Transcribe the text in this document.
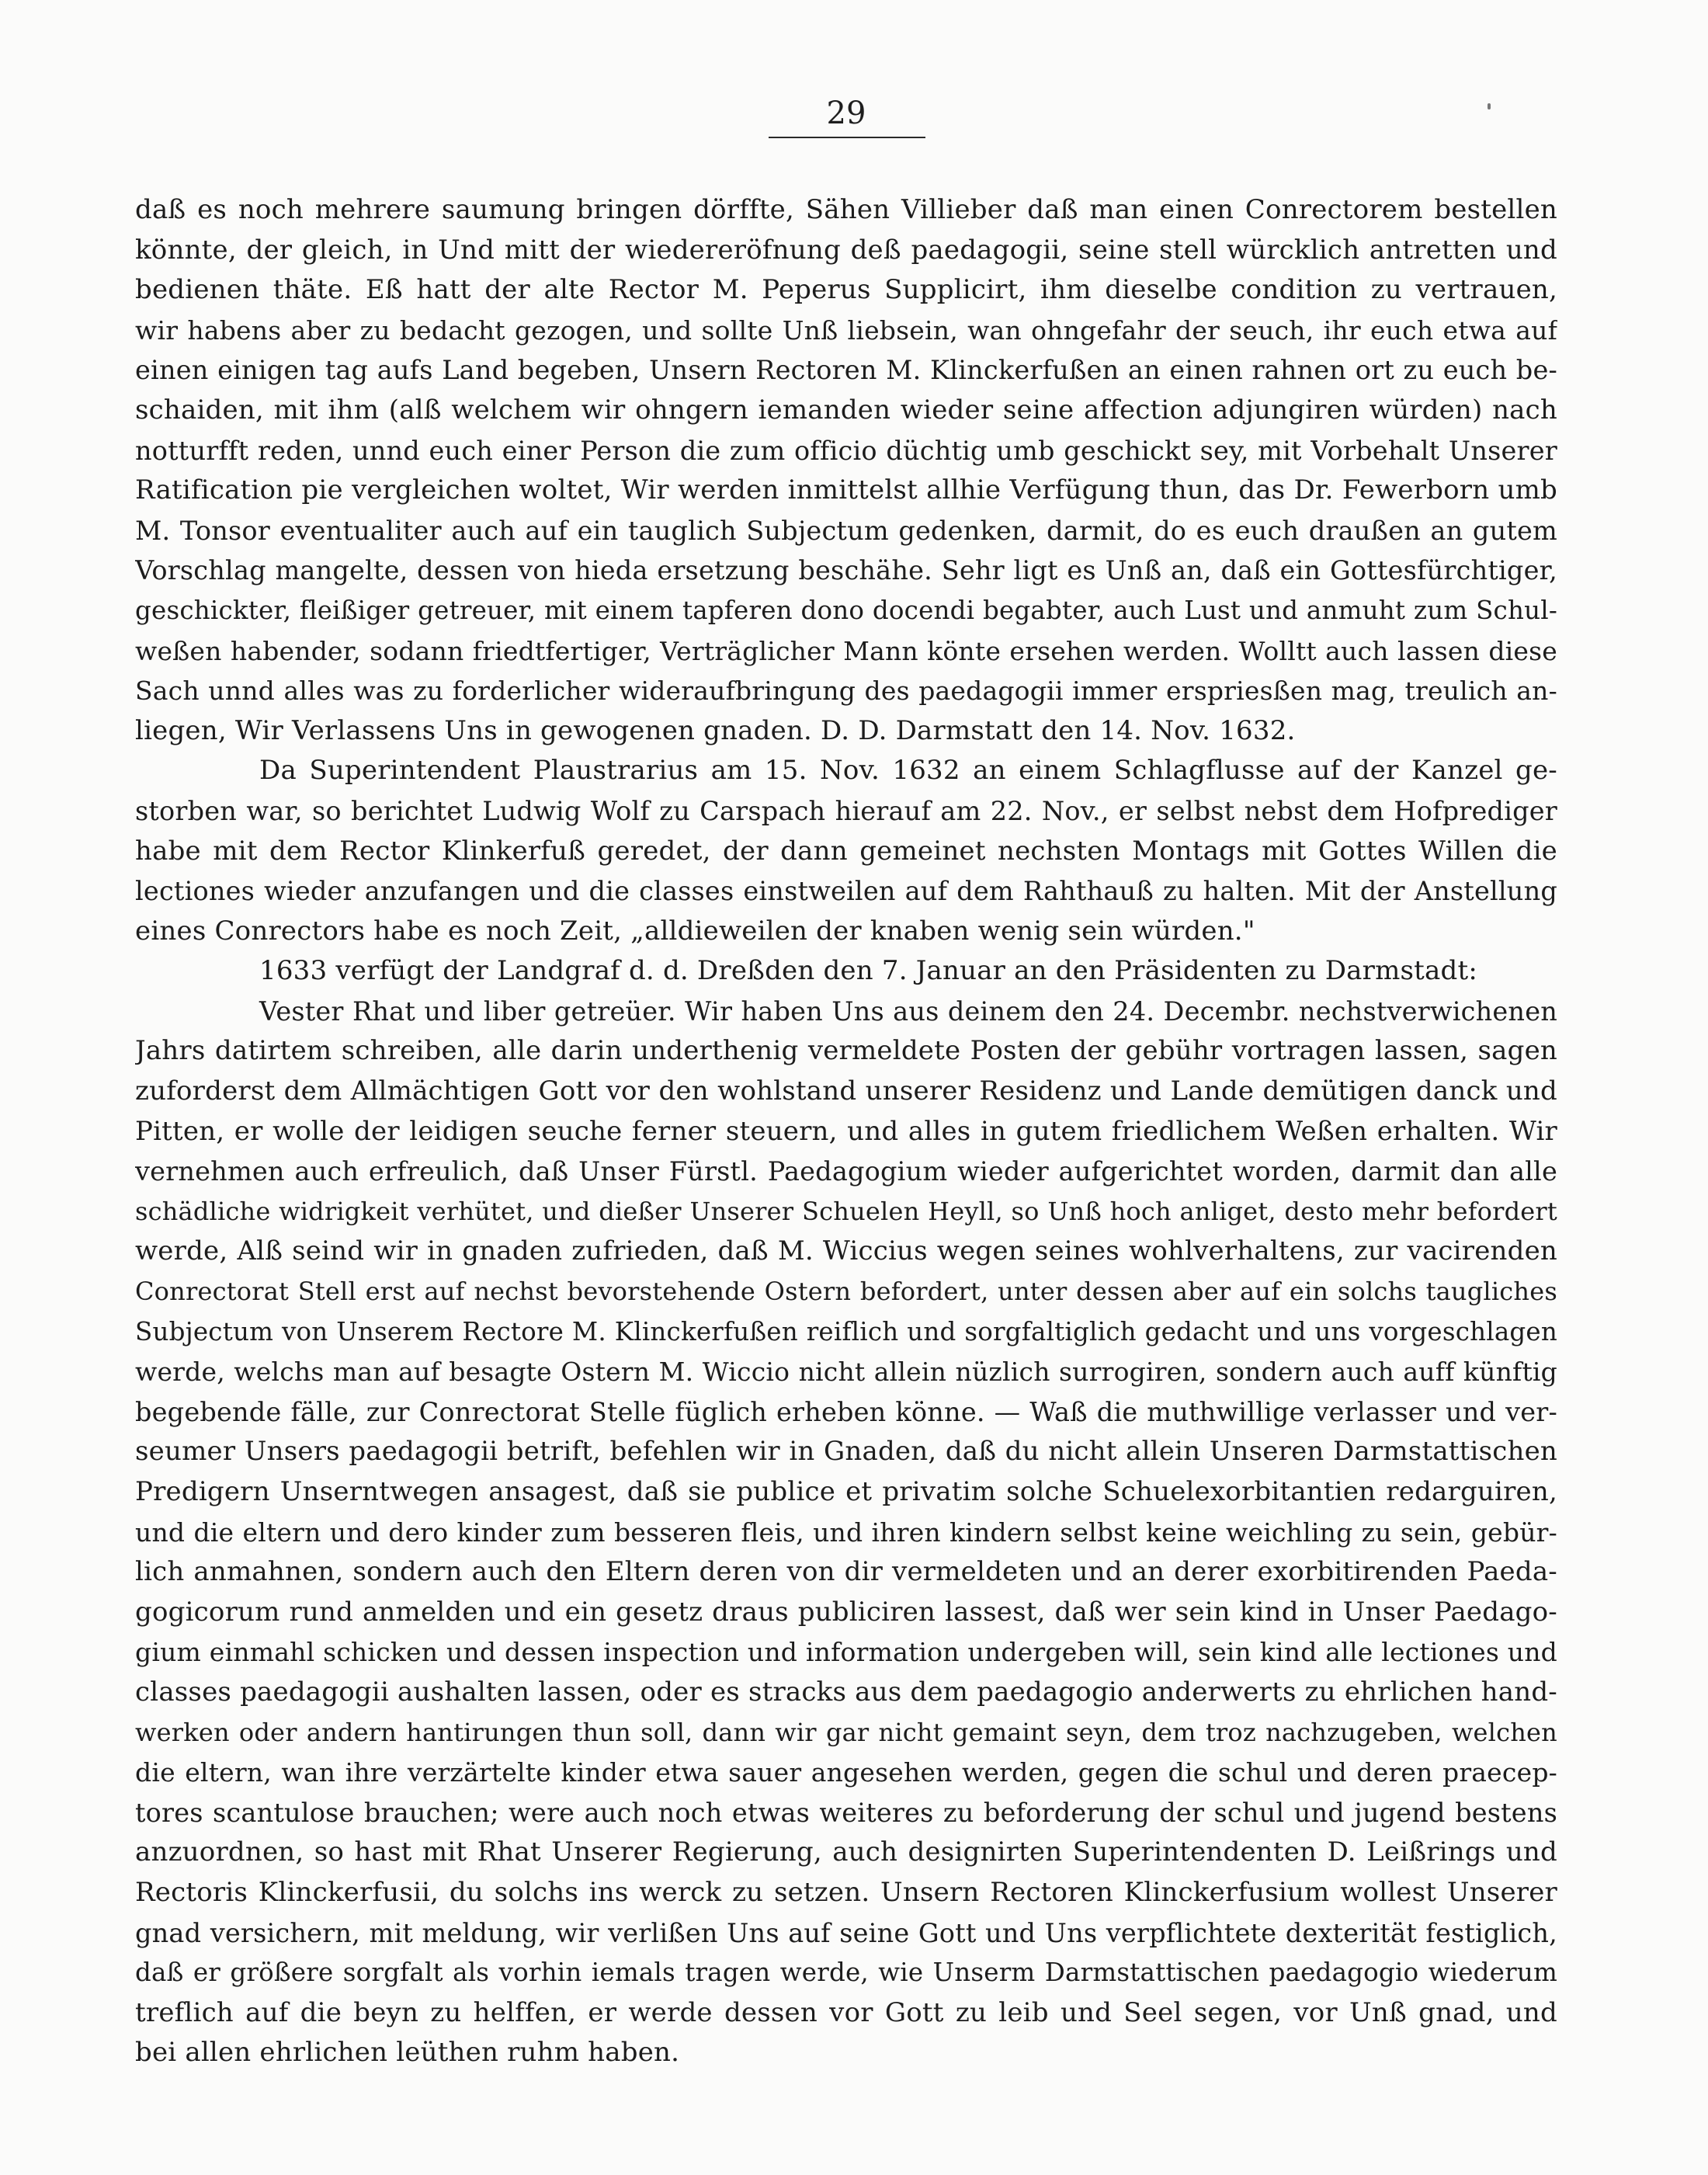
29
daß es noch mehrere saumung bringen dörffte, Sähen Villieber daß man einen Conrectorem bestellen
könnte, der gleich, in Und mitt der wiedereröfnung deß paedagogii, seine stell würcklich antretten und
bedienen thäte. Eß hatt der alte Rector M. Peperus Supplicirt, ihm dieselbe condition zu vertrauen,
wir habens aber zu bedacht gezogen, und sollte Unß liebsein, wan ohngefahr der seuch, ihr euch etwa auf
einen einigen tag aufs Land begeben, Unsern Rectoren M. Klinckerfußen an einen rahnen ort zu euch be-
schaiden, mit ihm (alß welchem wir ohngern iemanden wieder seine affection adjungiren würden) nach
notturfft reden, unnd euch einer Person die zum officio düchtig umb geschickt sey, mit Vorbehalt Unserer
Ratification pie vergleichen woltet, Wir werden inmittelst allhie Verfügung thun, das Dr. Fewerborn umb
M. Tonsor eventualiter auch auf ein tauglich Subjectum gedenken, darmit, do es euch draußen an gutem
Vorschlag mangelte, dessen von hieda ersetzung beschähe. Sehr ligt es Unß an, daß ein Gottesfürchtiger,
geschickter, fleißiger getreuer, mit einem tapferen dono docendi begabter, auch Lust und anmuht zum Schul-
weßen habender, sodann friedtfertiger, Verträglicher Mann könte ersehen werden. Wolltt auch lassen diese
Sach unnd alles was zu forderlicher wideraufbringung des paedagogii immer erspriesßen mag, treulich an-
liegen, Wir Verlassens Uns in gewogenen gnaden. D. D. Darmstatt den 14. Nov. 1632.
Da Superintendent Plaustrarius am 15. Nov. 1632 an einem Schlagflusse auf der Kanzel ge-
storben war, so berichtet Ludwig Wolf zu Carspach hierauf am 22. Nov., er selbst nebst dem Hofprediger
habe mit dem Rector Klinkerfuß geredet, der dann gemeinet nechsten Montags mit Gottes Willen die
lectiones wieder anzufangen und die classes einstweilen auf dem Rahthauß zu halten. Mit der Anstellung
eines Conrectors habe es noch Zeit, „alldieweilen der knaben wenig sein würden."
1633 verfügt der Landgraf d. d. Dreßden den 7. Januar an den Präsidenten zu Darmstadt:
Vester Rhat und liber getreüer. Wir haben Uns aus deinem den 24. Decembr. nechstverwichenen
Jahrs datirtem schreiben, alle darin underthenig vermeldete Posten der gebühr vortragen lassen, sagen
zuforderst dem Allmächtigen Gott vor den wohlstand unserer Residenz und Lande demütigen danck und
Pitten, er wolle der leidigen seuche ferner steuern, und alles in gutem friedlichem Weßen erhalten. Wir
vernehmen auch erfreulich, daß Unser Fürstl. Paedagogium wieder aufgerichtet worden, darmit dan alle
schädliche widrigkeit verhütet, und dießer Unserer Schuelen Heyll, so Unß hoch anliget, desto mehr befordert
werde, Alß seind wir in gnaden zufrieden, daß M. Wiccius wegen seines wohlverhaltens, zur vacirenden
Conrectorat Stell erst auf nechst bevorstehende Ostern befordert, unter dessen aber auf ein solchs taugliches
Subjectum von Unserem Rectore M. Klinckerfußen reiflich und sorgfaltiglich gedacht und uns vorgeschlagen
werde, welchs man auf besagte Ostern M. Wiccio nicht allein nüzlich surrogiren, sondern auch auff künftig
begebende fälle, zur Conrectorat Stelle füglich erheben könne. — Waß die muthwillige verlasser und ver-
seumer Unsers paedagogii betrift, befehlen wir in Gnaden, daß du nicht allein Unseren Darmstattischen
Predigern Unserntwegen ansagest, daß sie publice et privatim solche Schuelexorbitantien redarguiren,
und die eltern und dero kinder zum besseren fleis, und ihren kindern selbst keine weichling zu sein, gebür-
lich anmahnen, sondern auch den Eltern deren von dir vermeldeten und an derer exorbitirenden Paeda-
gogicorum rund anmelden und ein gesetz draus publiciren lassest, daß wer sein kind in Unser Paedago-
gium einmahl schicken und dessen inspection und information undergeben will, sein kind alle lectiones und
classes paedagogii aushalten lassen, oder es stracks aus dem paedagogio anderwerts zu ehrlichen hand-
werken oder andern hantirungen thun soll, dann wir gar nicht gemaint seyn, dem troz nachzugeben, welchen
die eltern, wan ihre verzärtelte kinder etwa sauer angesehen werden, gegen die schul und deren praecep-
tores scantulose brauchen; were auch noch etwas weiteres zu beforderung der schul und jugend bestens
anzuordnen, so hast mit Rhat Unserer Regierung, auch designirten Superintendenten D. Leißrings und
Rectoris Klinckerfusii, du solchs ins werck zu setzen. Unsern Rectoren Klinckerfusium wollest Unserer
gnad versichern, mit meldung, wir verlißen Uns auf seine Gott und Uns verpflichtete dexterität festiglich,
daß er größere sorgfalt als vorhin iemals tragen werde, wie Unserm Darmstattischen paedagogio wiederum
treflich auf die beyn zu helffen, er werde dessen vor Gott zu leib und Seel segen, vor Unß gnad, und
bei allen ehrlichen leüthen ruhm haben.
